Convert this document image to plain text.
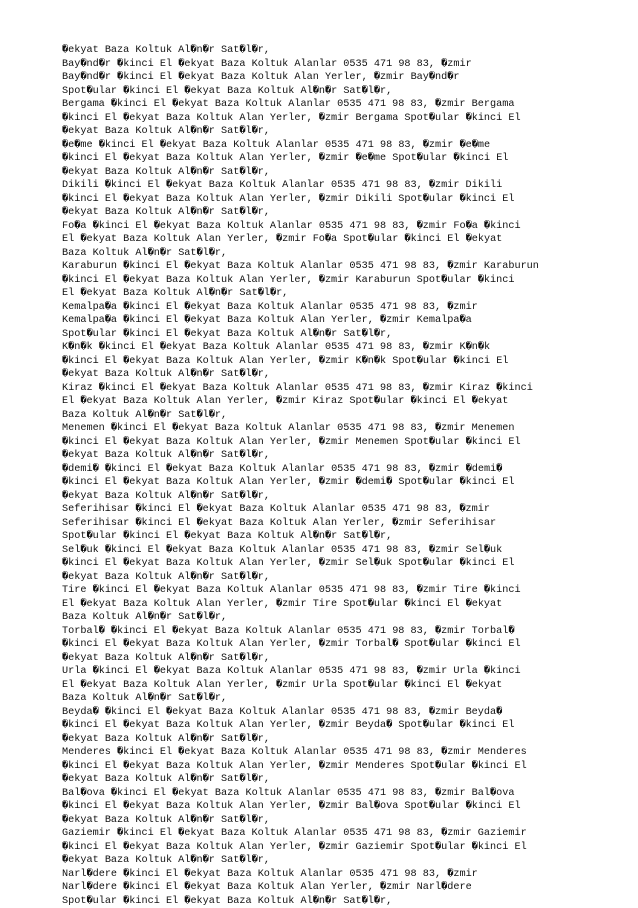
�ekyat Baza Koltuk Al�n�r Sat�l�r,
Bay�nd�r �kinci El �ekyat Baza Koltuk Alanlar 0535 471 98 83, �zmir
Bay�nd�r �kinci El �ekyat Baza Koltuk Alan Yerler, �zmir Bay�nd�r
Spot�ular �kinci El �ekyat Baza Koltuk Al�n�r Sat�l�r,
Bergama �kinci El �ekyat Baza Koltuk Alanlar 0535 471 98 83, �zmir Bergama
�kinci El �ekyat Baza Koltuk Alan Yerler, �zmir Bergama Spot�ular �kinci El
�ekyat Baza Koltuk Al�n�r Sat�l�r,
�e�me �kinci El �ekyat Baza Koltuk Alanlar 0535 471 98 83, �zmir �e�me
�kinci El �ekyat Baza Koltuk Alan Yerler, �zmir �e�me Spot�ular �kinci El
�ekyat Baza Koltuk Al�n�r Sat�l�r,
Dikili �kinci El �ekyat Baza Koltuk Alanlar 0535 471 98 83, �zmir Dikili
�kinci El �ekyat Baza Koltuk Alan Yerler, �zmir Dikili Spot�ular �kinci El
�ekyat Baza Koltuk Al�n�r Sat�l�r,
Fo�a �kinci El �ekyat Baza Koltuk Alanlar 0535 471 98 83, �zmir Fo�a �kinci
El �ekyat Baza Koltuk Alan Yerler, �zmir Fo�a Spot�ular �kinci El �ekyat
Baza Koltuk Al�n�r Sat�l�r,
Karaburun �kinci El �ekyat Baza Koltuk Alanlar 0535 471 98 83, �zmir Karaburun
�kinci El �ekyat Baza Koltuk Alan Yerler, �zmir Karaburun Spot�ular �kinci
El �ekyat Baza Koltuk Al�n�r Sat�l�r,
Kemalpa�a �kinci El �ekyat Baza Koltuk Alanlar 0535 471 98 83, �zmir
Kemalpa�a �kinci El �ekyat Baza Koltuk Alan Yerler, �zmir Kemalpa�a
Spot�ular �kinci El �ekyat Baza Koltuk Al�n�r Sat�l�r,
K�n�k �kinci El �ekyat Baza Koltuk Alanlar 0535 471 98 83, �zmir K�n�k
�kinci El �ekyat Baza Koltuk Alan Yerler, �zmir K�n�k Spot�ular �kinci El
�ekyat Baza Koltuk Al�n�r Sat�l�r,
Kiraz �kinci El �ekyat Baza Koltuk Alanlar 0535 471 98 83, �zmir Kiraz �kinci
El �ekyat Baza Koltuk Alan Yerler, �zmir Kiraz Spot�ular �kinci El �ekyat
Baza Koltuk Al�n�r Sat�l�r,
Menemen �kinci El �ekyat Baza Koltuk Alanlar 0535 471 98 83, �zmir Menemen
�kinci El �ekyat Baza Koltuk Alan Yerler, �zmir Menemen Spot�ular �kinci El
�ekyat Baza Koltuk Al�n�r Sat�l�r,
�demi� �kinci El �ekyat Baza Koltuk Alanlar 0535 471 98 83, �zmir �demi�
�kinci El �ekyat Baza Koltuk Alan Yerler, �zmir �demi� Spot�ular �kinci El
�ekyat Baza Koltuk Al�n�r Sat�l�r,
Seferihisar �kinci El �ekyat Baza Koltuk Alanlar 0535 471 98 83, �zmir
Seferihisar �kinci El �ekyat Baza Koltuk Alan Yerler, �zmir Seferihisar
Spot�ular �kinci El �ekyat Baza Koltuk Al�n�r Sat�l�r,
Sel�uk �kinci El �ekyat Baza Koltuk Alanlar 0535 471 98 83, �zmir Sel�uk
�kinci El �ekyat Baza Koltuk Alan Yerler, �zmir Sel�uk Spot�ular �kinci El
�ekyat Baza Koltuk Al�n�r Sat�l�r,
Tire �kinci El �ekyat Baza Koltuk Alanlar 0535 471 98 83, �zmir Tire �kinci
El �ekyat Baza Koltuk Alan Yerler, �zmir Tire Spot�ular �kinci El �ekyat
Baza Koltuk Al�n�r Sat�l�r,
Torbal� �kinci El �ekyat Baza Koltuk Alanlar 0535 471 98 83, �zmir Torbal�
�kinci El �ekyat Baza Koltuk Alan Yerler, �zmir Torbal� Spot�ular �kinci El
�ekyat Baza Koltuk Al�n�r Sat�l�r,
Urla �kinci El �ekyat Baza Koltuk Alanlar 0535 471 98 83, �zmir Urla �kinci
El �ekyat Baza Koltuk Alan Yerler, �zmir Urla Spot�ular �kinci El �ekyat
Baza Koltuk Al�n�r Sat�l�r,
Beyda� �kinci El �ekyat Baza Koltuk Alanlar 0535 471 98 83, �zmir Beyda�
�kinci El �ekyat Baza Koltuk Alan Yerler, �zmir Beyda� Spot�ular �kinci El
�ekyat Baza Koltuk Al�n�r Sat�l�r,
Menderes �kinci El �ekyat Baza Koltuk Alanlar 0535 471 98 83, �zmir Menderes
�kinci El �ekyat Baza Koltuk Alan Yerler, �zmir Menderes Spot�ular �kinci El
�ekyat Baza Koltuk Al�n�r Sat�l�r,
Bal�ova �kinci El �ekyat Baza Koltuk Alanlar 0535 471 98 83, �zmir Bal�ova
�kinci El �ekyat Baza Koltuk Alan Yerler, �zmir Bal�ova Spot�ular �kinci El
�ekyat Baza Koltuk Al�n�r Sat�l�r,
Gaziemir �kinci El �ekyat Baza Koltuk Alanlar 0535 471 98 83, �zmir Gaziemir
�kinci El �ekyat Baza Koltuk Alan Yerler, �zmir Gaziemir Spot�ular �kinci El
�ekyat Baza Koltuk Al�n�r Sat�l�r,
Narl�dere �kinci El �ekyat Baza Koltuk Alanlar 0535 471 98 83, �zmir
Narl�dere �kinci El �ekyat Baza Koltuk Alan Yerler, �zmir Narl�dere
Spot�ular �kinci El �ekyat Baza Koltuk Al�n�r Sat�l�r,
